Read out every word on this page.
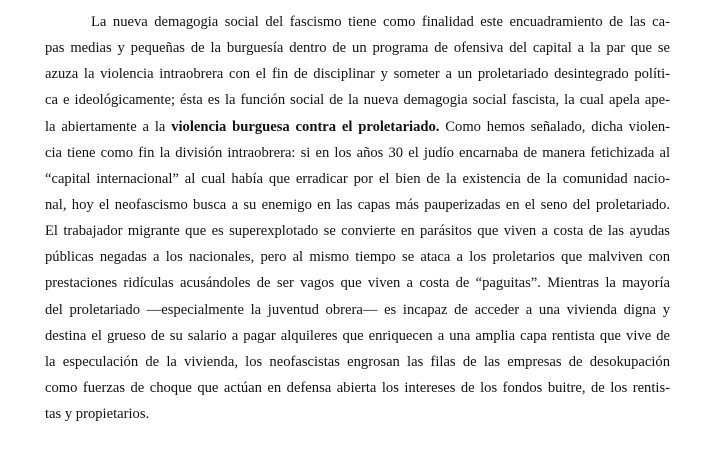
La nueva demagogia social del fascismo tiene como finalidad este encuadramiento de las ca-
pas medias y pequeñas de la burguesía dentro de un programa de ofensiva del capital a la par que se
azuza la violencia intraobrera con el fin de disciplinar y someter a un proletariado desintegrado políti-
ca e ideológicamente; ésta es la función social de la nueva demagogia social fascista, la cual apela ape-
la abiertamente a la violencia burguesa contra el proletariado. Como hemos señalado, dicha violen-
cia tiene como fin la división intraobrera: si en los años 30 el judío encarnaba de manera fetichizada al
“capital internacional” al cual había que erradicar por el bien de la existencia de la comunidad nacio-
nal, hoy el neofascismo busca a su enemigo en las capas más pauperizadas en el seno del proletariado.
El trabajador migrante que es superexplotado se convierte en parásitos que viven a costa de las ayudas
públicas negadas a los nacionales, pero al mismo tiempo se ataca a los proletarios que malviven con
prestaciones ridículas acusándoles de ser vagos que viven a costa de “paguitas”. Mientras la mayoría
del proletariado —especialmente la juventud obrera— es incapaz de acceder a una vivienda digna y
destina el grueso de su salario a pagar alquileres que enriquecen a una amplia capa rentista que vive de
la especulación de la vivienda, los neofascistas engrosan las filas de las empresas de desokupación
como fuerzas de choque que actúan en defensa abierta los intereses de los fondos buitre, de los rentis-
tas y propietarios.
